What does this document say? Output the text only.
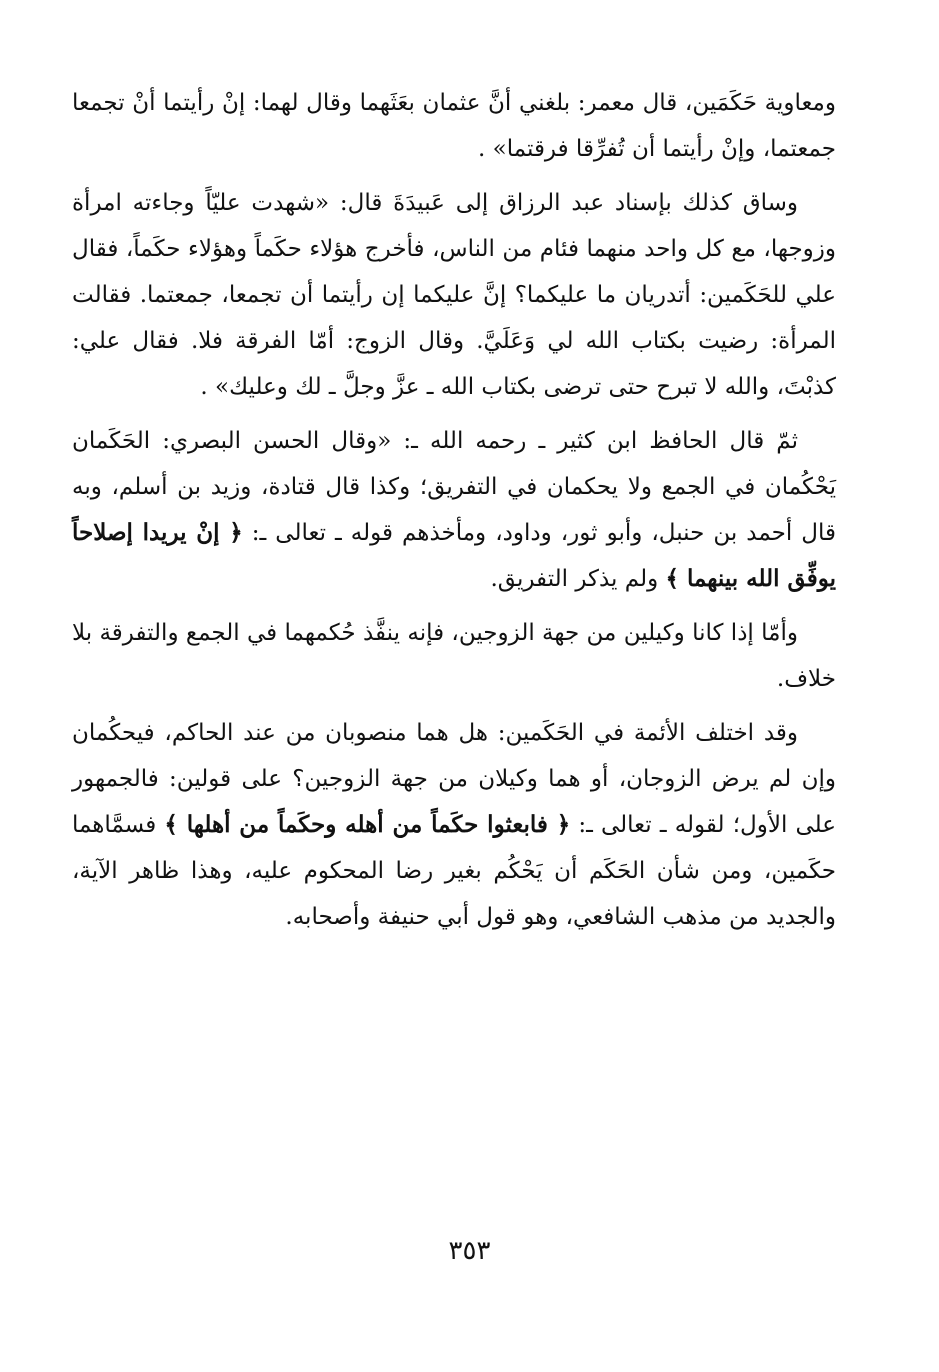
ومعاوية حَكَمَين، قال معمر: بلغني أنَّ عثمان بعَثَهما وقال لهما: إنْ رأيتما أنْ تجمعا جمعتما، وإنْ رأيتما أن تُفرِّقا فرقتما» .

وساق كذلك بإسناد عبد الرزاق إلى عَبيدَةَ قال: «شهدت عليّاً وجاءته امرأة وزوجها، مع كل واحد منهما فئام من الناس، فأخرج هؤلاء حكَماً وهؤلاء حكَماً، فقال علي للحَكَمين: أتدريان ما عليكما؟ إنَّ عليكما إن رأيتما أن تجمعا، جمعتما. فقالت المرأة: رضيت بكتاب الله لي وَعَلَيَّ. وقال الزوج: أمّا الفرقة فلا. فقال علي: كذبْتَ، والله لا تبرح حتى ترضى بكتاب الله ـ عزَّ وجلَّ ـ لك وعليك» .

ثمّ قال الحافظ ابن كثير ـ رحمه الله ـ: «وقال الحسن البصري: الحَكَمان يَحْكُمان في الجمع ولا يحكمان في التفريق؛ وكذا قال قتادة، وزيد بن أسلم، وبه قال أحمد بن حنبل، وأبو ثور، وداود، ومأخذهم قوله ـ تعالى ـ: ﴿ إنْ يريدا إصلاحاً يوفِّق الله بينهما ﴾ ولم يذكر التفريق.

وأمّا إذا كانا وكيلين من جهة الزوجين، فإنه ينفَّذ حُكمهما في الجمع والتفرقة بلا خلاف.

وقد اختلف الأئمة في الحَكَمين: هل هما منصوبان من عند الحاكم، فيحكُمان وإن لم يرض الزوجان، أو هما وكيلان من جهة الزوجين؟ على قولين: فالجمهور على الأول؛ لقوله ـ تعالى ـ: ﴿ فابعثوا حكَماً من أهله وحكَماً من أهلها ﴾ فسمَّاهما حكَمين، ومن شأن الحَكَم أن يَحْكُم بغير رضا المحكوم عليه، وهذا ظاهر الآية، والجديد من مذهب الشافعي، وهو قول أبي حنيفة وأصحابه.

٣٥٣
